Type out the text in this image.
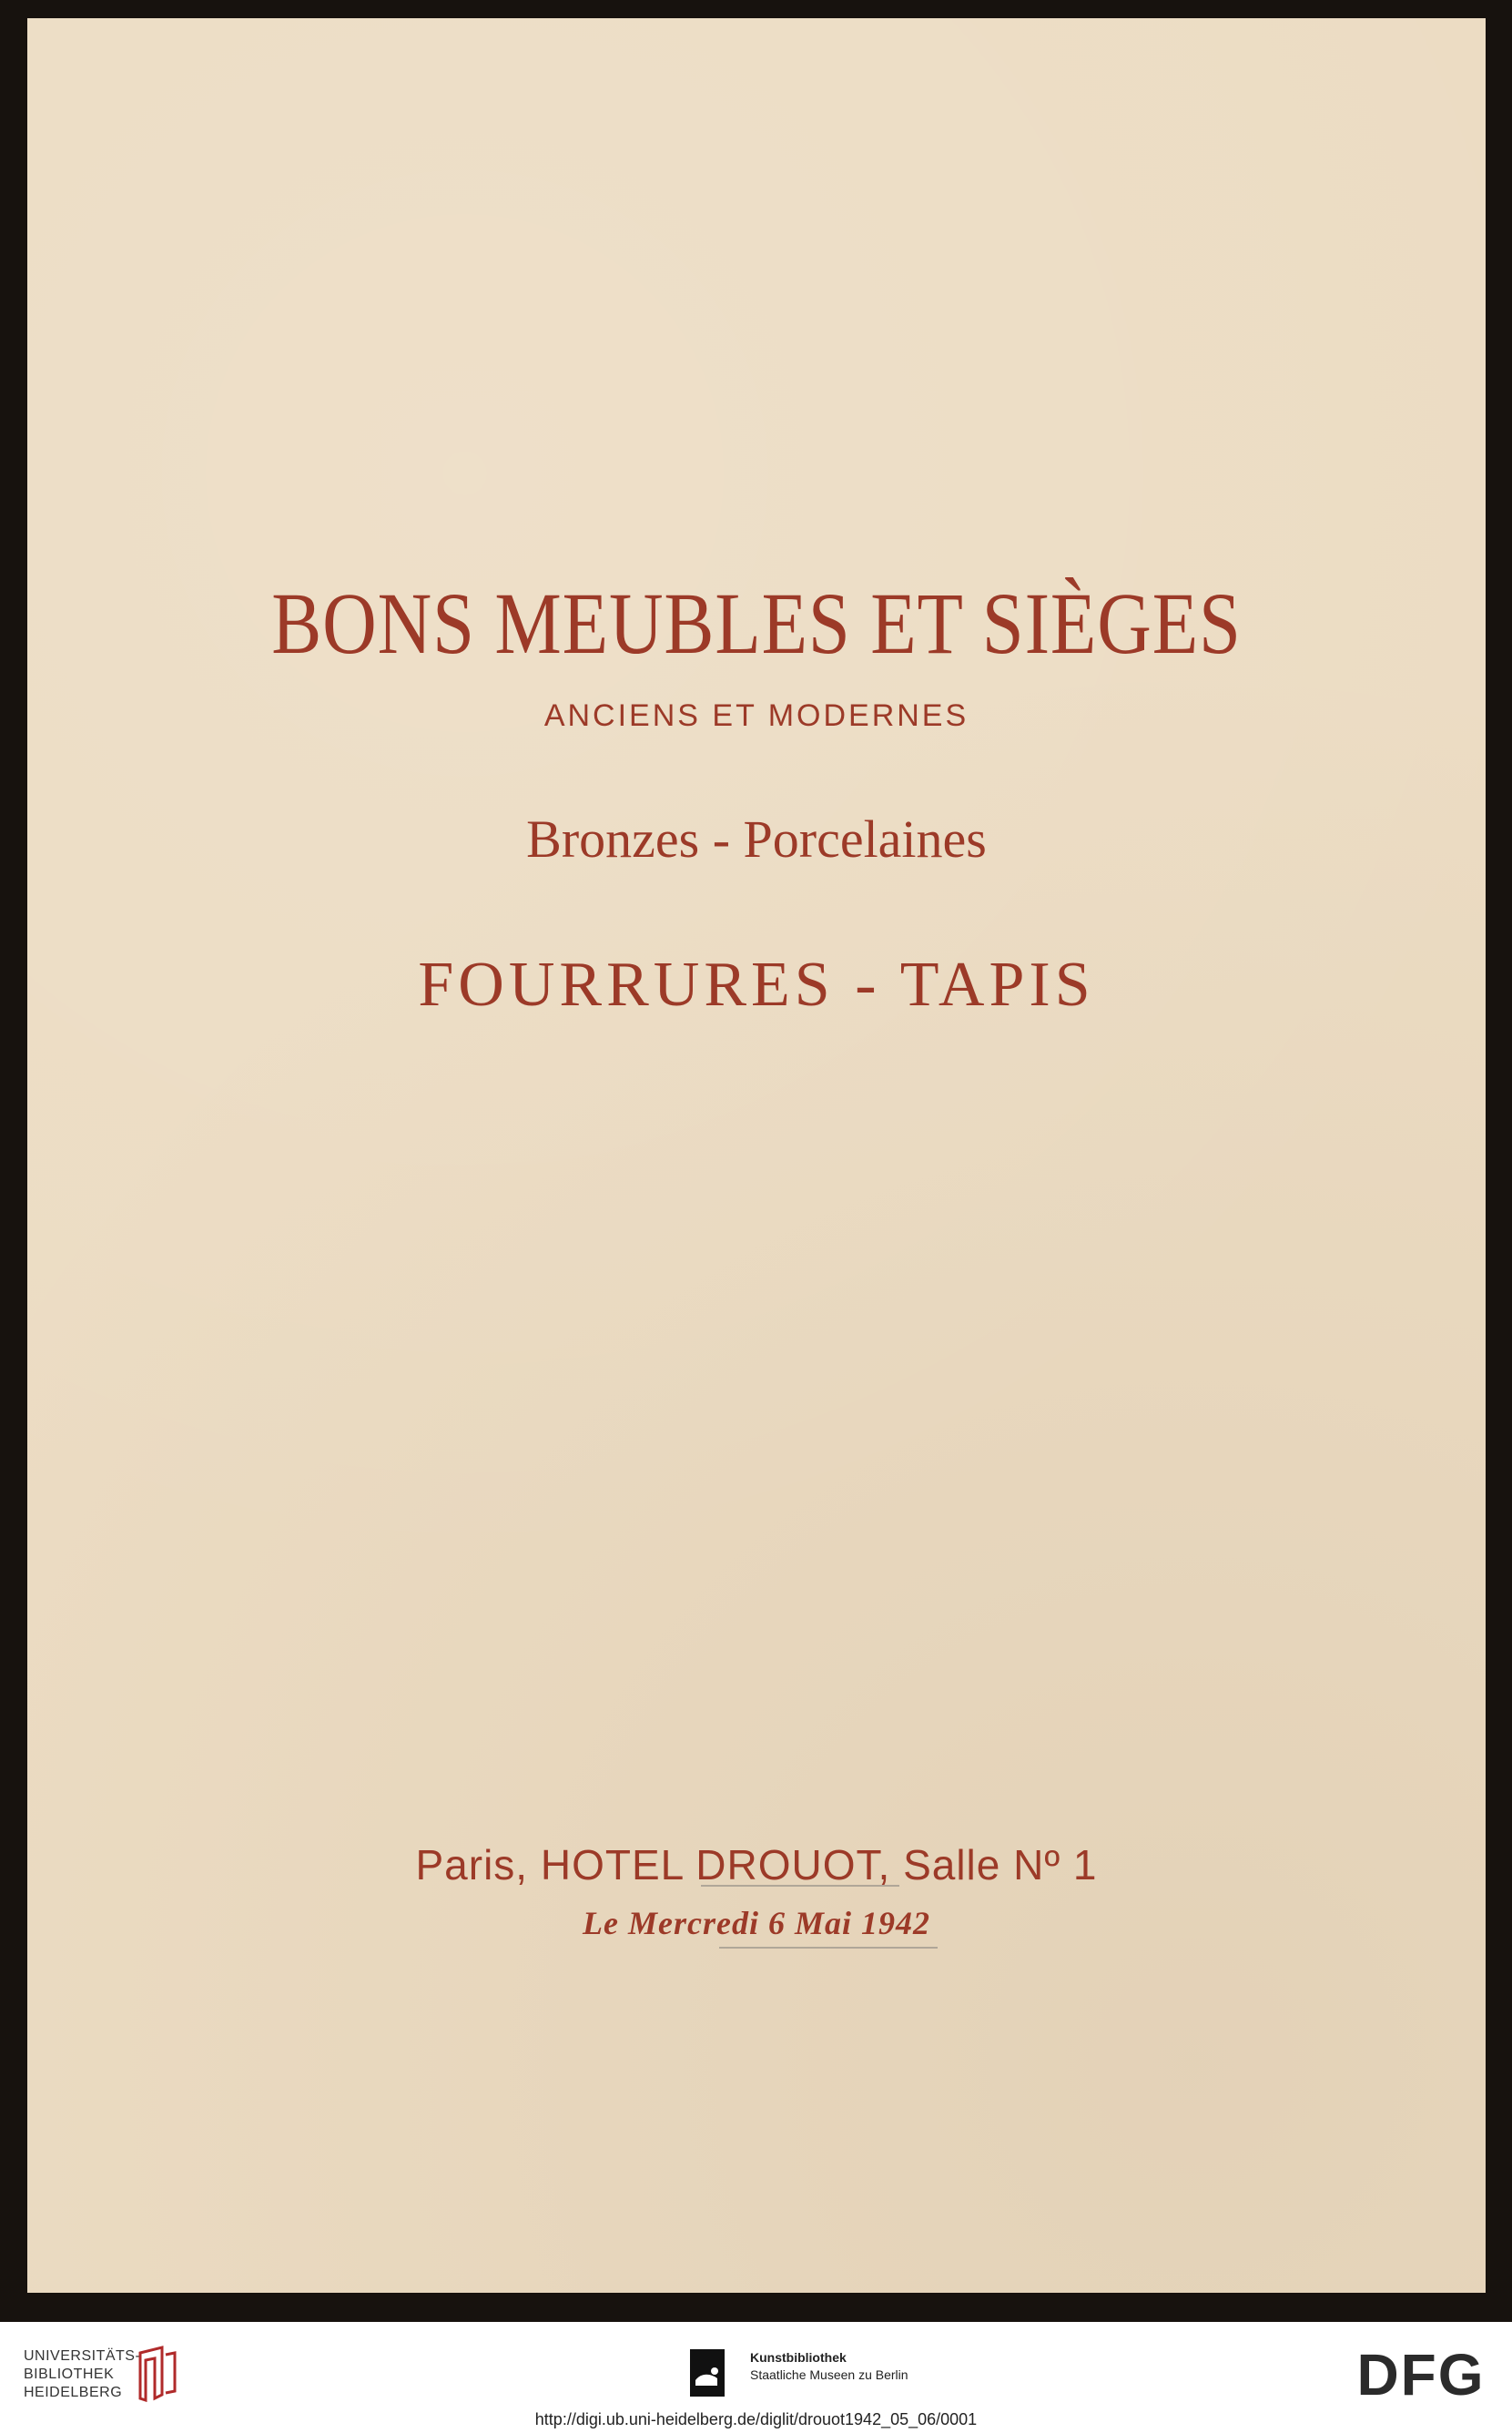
BONS MEUBLES ET SIÈGES
ANCIENS ET MODERNES
Bronzes - Porcelaines
FOURRURES - TAPIS
Paris, HOTEL DROUOT, Salle Nº 1
Le Mercredi 6 Mai 1942
UNIVERSITÄTS-
BIBLIOTHEK
HEIDELBERG
Kunstbibliothek
Staatliche Museen zu Berlin	DFG
http://digi.ub.uni-heidelberg.de/diglit/drouot1942_05_06/0001
